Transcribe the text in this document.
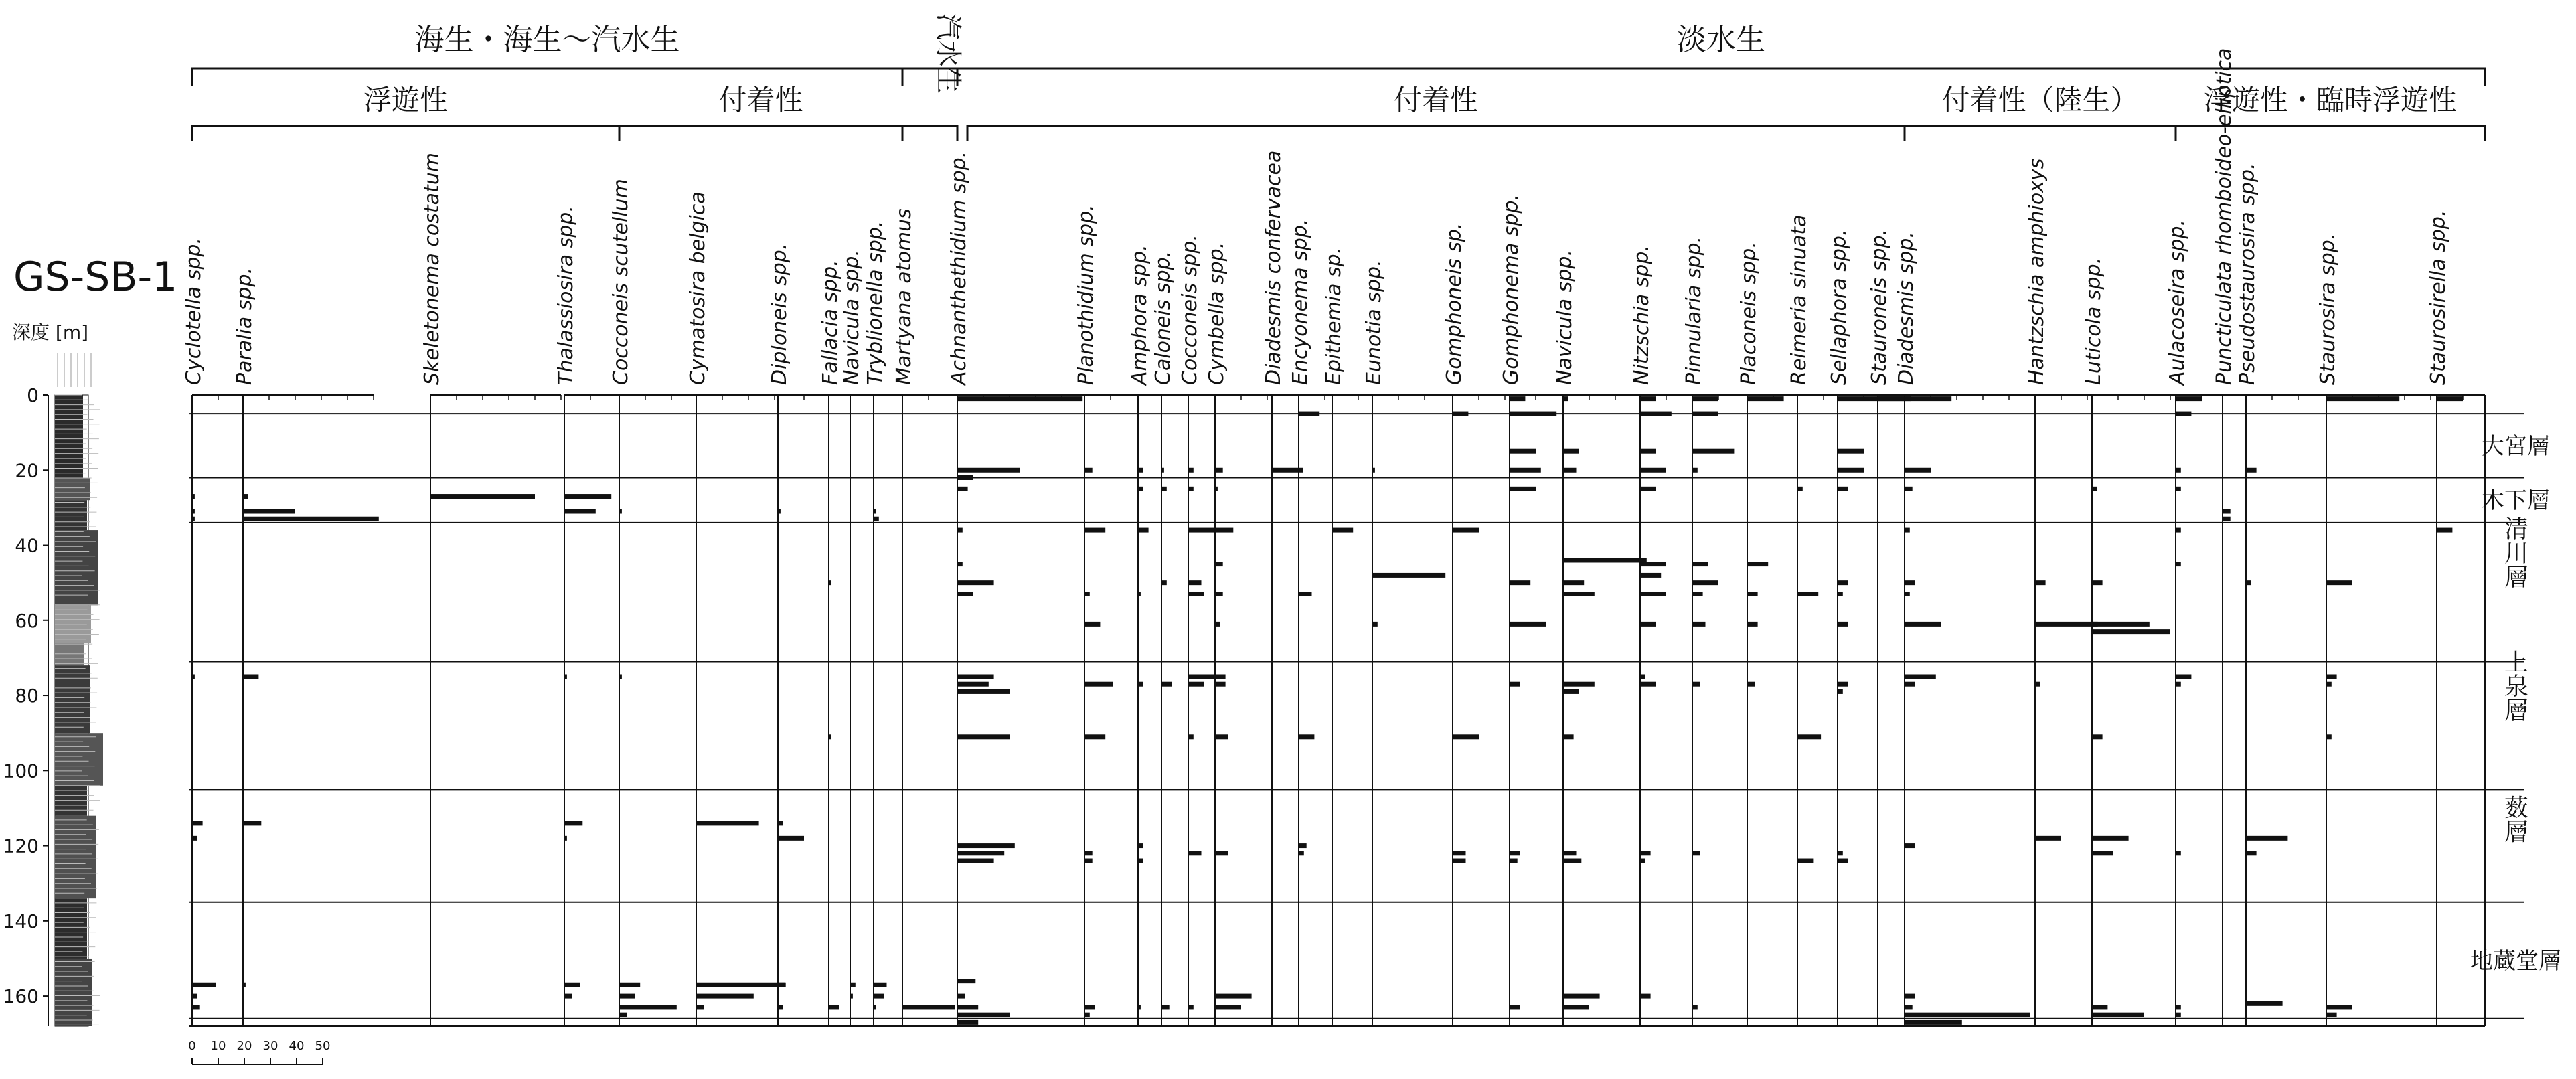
GS-SB-1
深度 [m]
0
20
40
60
80
100
120
140
160
海生・海生〜汽水生	汽水生	淡水生
浮遊性	付着性	付着性	付着性（陸生） 浮遊性・臨時浮遊性
Cyclotella spp. Paralia spp.	Skeletonema costatum	Thalassiosira spp. Cocconeis scutellum	Cymatosira belgica	Diploneis spp. Fallacia spp.
Navicula spp. Tryblionella spp. Martyana atomus Achnanthethidium spp.	Planothidium spp. Amphora spp. Caloneis spp. Cocconeis spp. Cymbella spp. Diadesmis confervacea Encyonema spp. Epithemia sp. Eunotia spp.	Gomphoneis sp. Gomphonema spp. Navicula spp.	Nitzschia spp. Pinnularia spp. Placoneis spp. Reimeria sinuata Sellaphora spp. Stauroneis spp. Diadesmis spp.	Hantzschia amphioxys Luticola spp.	Aulacoseira spp. Puncticulata rhomboideo-elliptica Pseudostaurosira spp.	Staurosira spp.	Staurosirella spp.
大宮層
木下層
清川層
上泉層
薮層
地蔵堂層
0 10 20 30 40 50
